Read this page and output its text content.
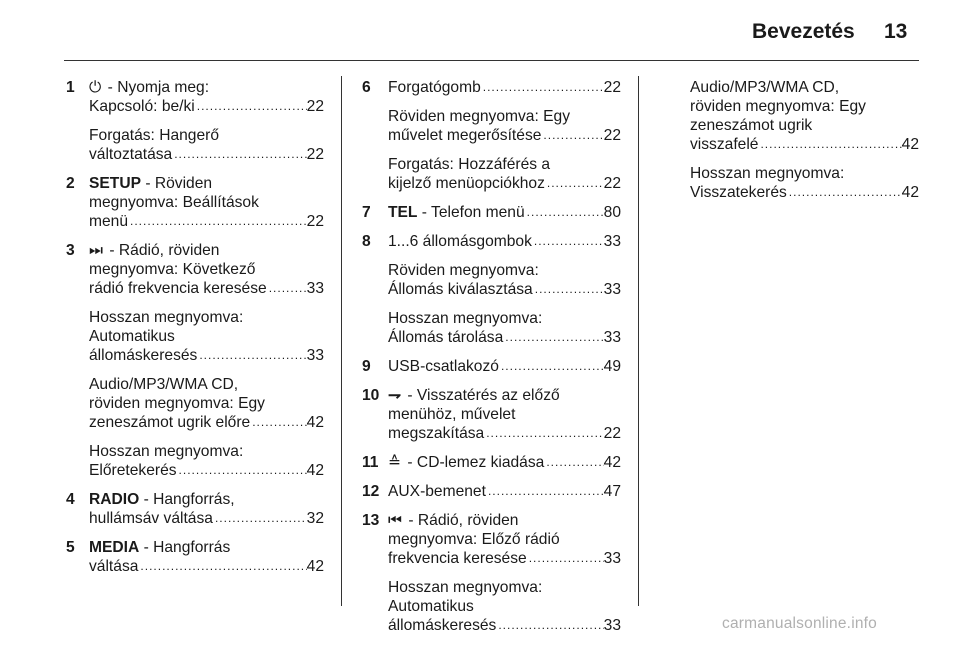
Bevezetés 13
1 ⏻ - Nyomja meg:
Kapcsoló: be/ki .....	22
Forgatás: Hangerő
változtatása .....	22
2 SETUP - Röviden
megnyomva: Beállítások
menü .....	22
3 ⏭ - Rádió, röviden
megnyomva: Következő
rádió frekvencia keresése .....	33
Hosszan megnyomva:
Automatikus
állomáskeresés .....	33
Audio/MP3/WMA CD,
röviden megnyomva: Egy
zeneszámot ugrik előre .....	42
Hosszan megnyomva:
Előretekerés .....	42
4 RADIO - Hangforrás,
hullámsáv váltása .....	32
5 MEDIA - Hangforrás
váltása .....	42
6 Forgatógomb .....	22
Röviden megnyomva: Egy
művelet megerősítése .....	22
Forgatás: Hozzáférés a
kijelző menüopciókhoz .....	22
7 TEL - Telefon menü .....	80
8 1...6 állomásgombok .....	33
Röviden megnyomva:
Állomás kiválasztása .....	33
Hosszan megnyomva:
Állomás tárolása .....	33
9 USB-csatlakozó .....	49
10 ⇁ - Visszatérés az előző
menühöz, művelet
megszakítása .....	22
11 ≙ - CD-lemez kiadása .....	42
12 AUX-bemenet .....	47
13 ⏮ - Rádió, röviden
megnyomva: Előző rádió
frekvencia keresése .....	33
Hosszan megnyomva:
Automatikus
állomáskeresés .....	33
Audio/MP3/WMA CD,
röviden megnyomva: Egy
zeneszámot ugrik
visszafelé .....	42
Hosszan megnyomva:
Visszatekerés .....	42
carmanualsonline.info
